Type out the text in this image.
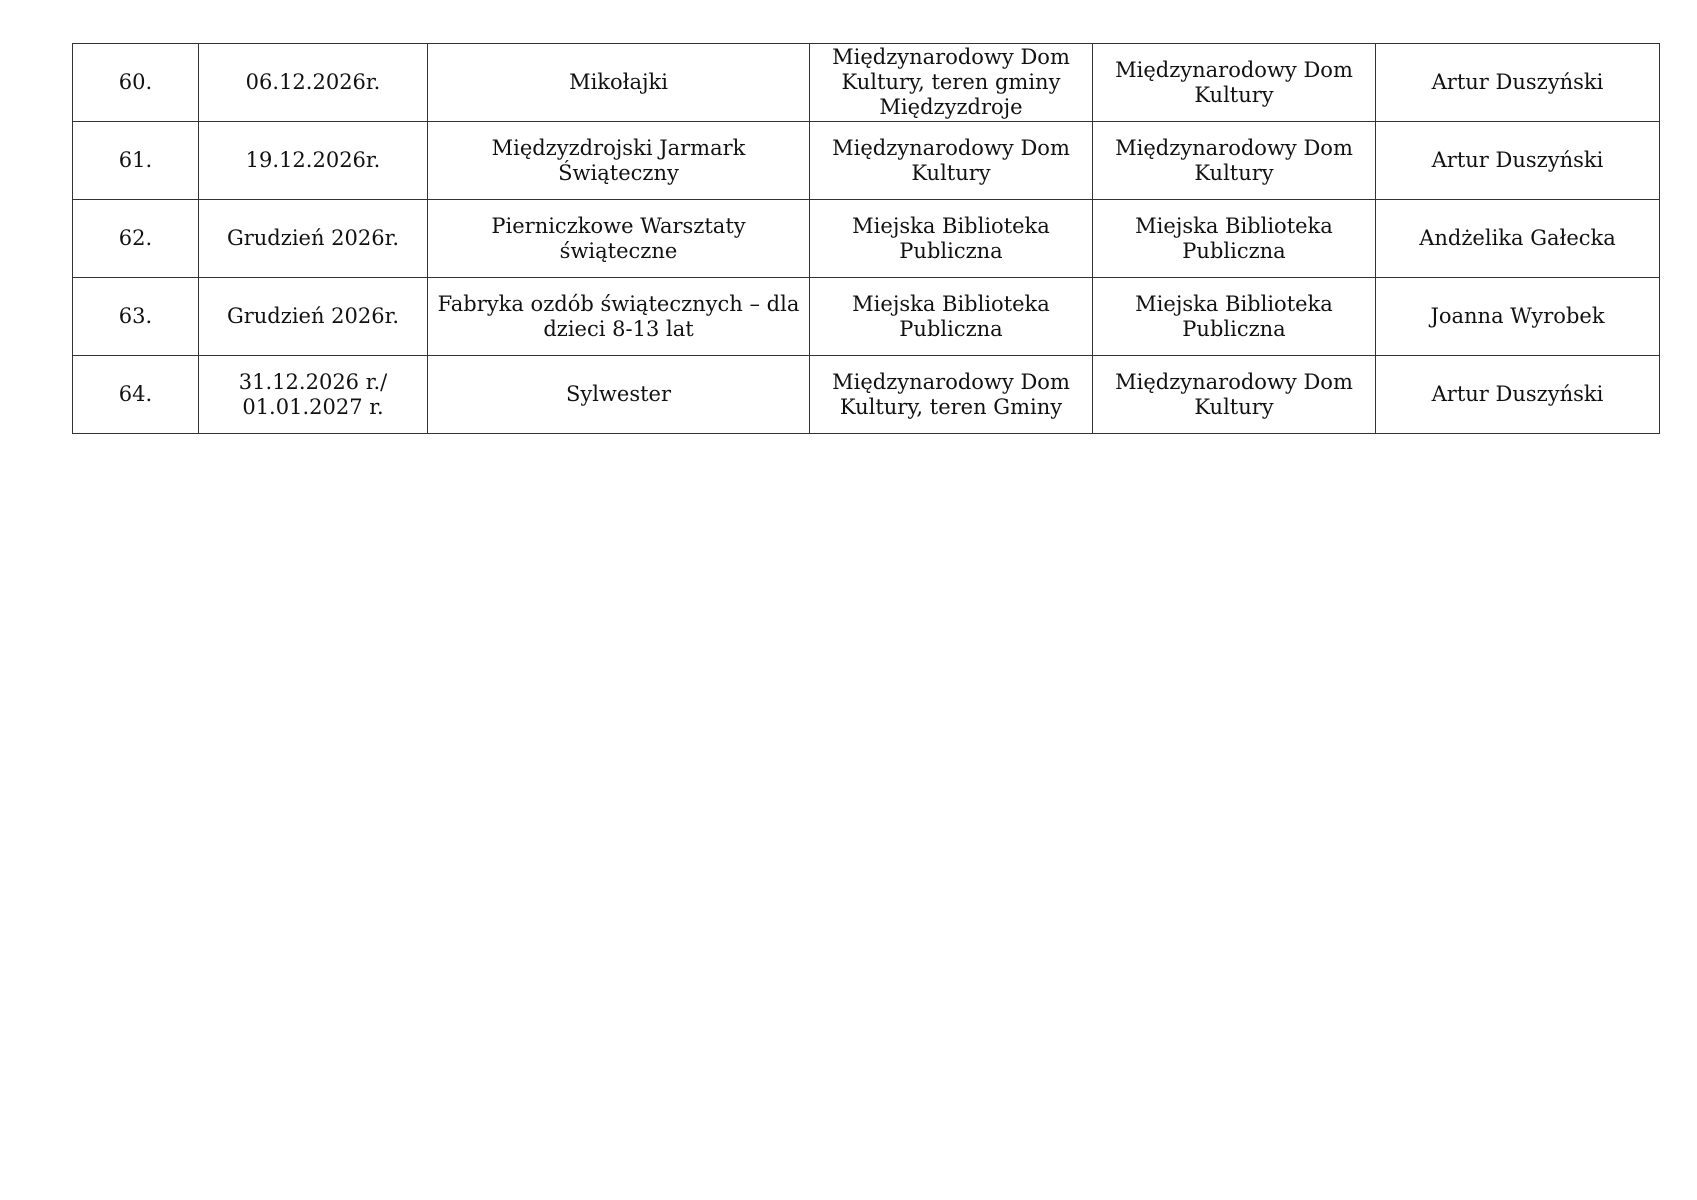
60.	06.12.2026r.	Mikołajki	Międzynarodowy Dom Kultury, teren gminy Międzyzdroje	Międzynarodowy Dom Kultury	Artur Duszyński
61.	19.12.2026r.	Międzyzdrojski Jarmark Świąteczny	Międzynarodowy Dom Kultury	Międzynarodowy Dom Kultury	Artur Duszyński
62.	Grudzień 2026r.	Pierniczkowe Warsztaty świąteczne	Miejska Biblioteka Publiczna	Miejska Biblioteka Publiczna	Andżelika Gałecka
63.	Grudzień 2026r.	Fabryka ozdób świątecznych – dla dzieci 8-13 lat	Miejska Biblioteka Publiczna	Miejska Biblioteka Publiczna	Joanna Wyrobek
64.	31.12.2026 r./ 01.01.2027 r.	Sylwester	Międzynarodowy Dom Kultury, teren Gminy	Międzynarodowy Dom Kultury	Artur Duszyński
